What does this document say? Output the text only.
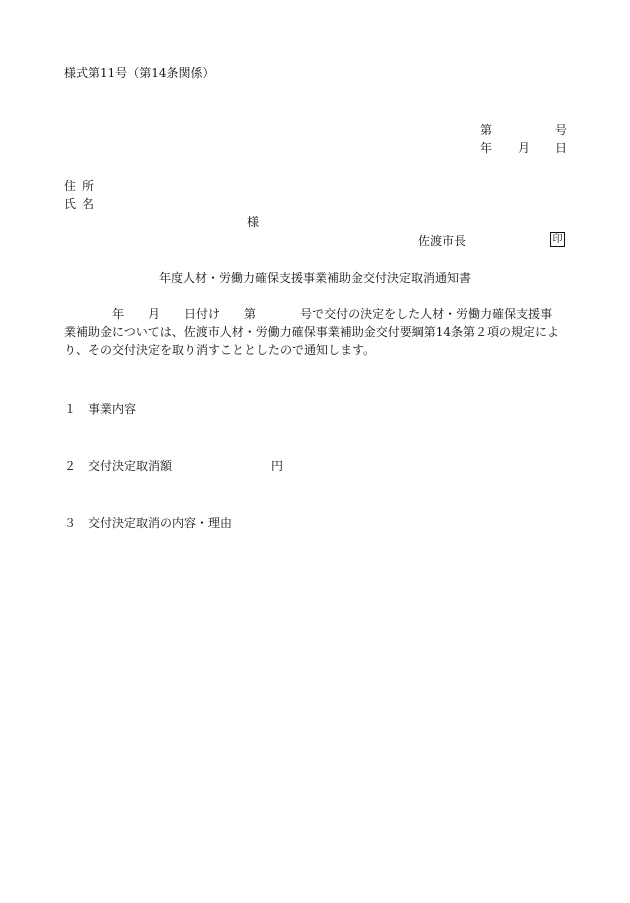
様式第11号（第14条関係）
第	号
年 月 日
住所
氏名
様
佐渡市長	印
年度人材・労働力確保支援事業補助金交付決定取消通知書
年 月 日付け 第	号で交付の決定をした人材・労働力確保支援事
業補助金については、佐渡市人材・労働力確保事業補助金交付要綱第14条第２項の規定によ
り、その交付決定を取り消すこととしたので通知します。
１ 事業内容
２ 交付決定取消額	円
３ 交付決定取消の内容・理由
